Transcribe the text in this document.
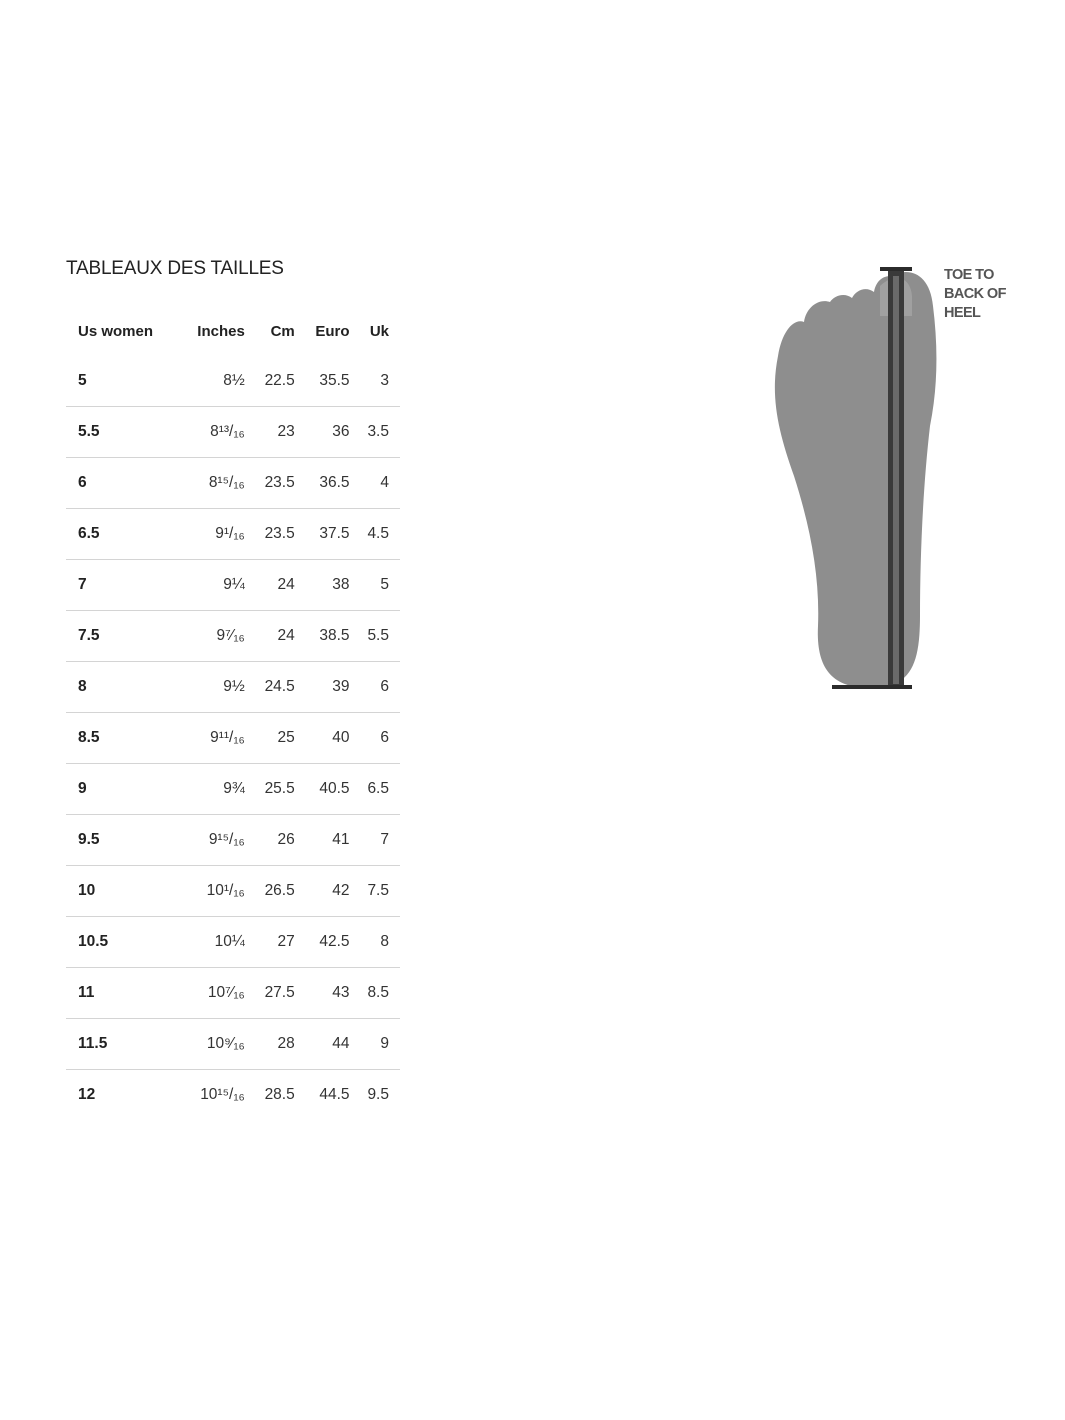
TABLEAUX DES TAILLES
Us women	Inches	Cm	Euro	Uk
5	8½	22.5	35.5	3
5.5	8¹³/₁₆	23	36	3.5
6	8¹⁵/₁₆	23.5	36.5	4
6.5	9¹/₁₆	23.5	37.5	4.5
7	9¼	24	38	5
7.5	9⁷⁄₁₆	24	38.5	5.5
8	9½	24.5	39	6
8.5	9¹¹/₁₆	25	40	6
9	9¾	25.5	40.5	6.5
9.5	9¹⁵/₁₆	26	41	7
10	10¹/₁₆	26.5	42	7.5
10.5	10¼	27	42.5	8
11	10⁷⁄₁₆	27.5	43	8.5
11.5	10⁹⁄₁₆	28	44	9
12	10¹⁵/₁₆	28.5	44.5	9.5
TOE TO
BACK OF
HEEL
